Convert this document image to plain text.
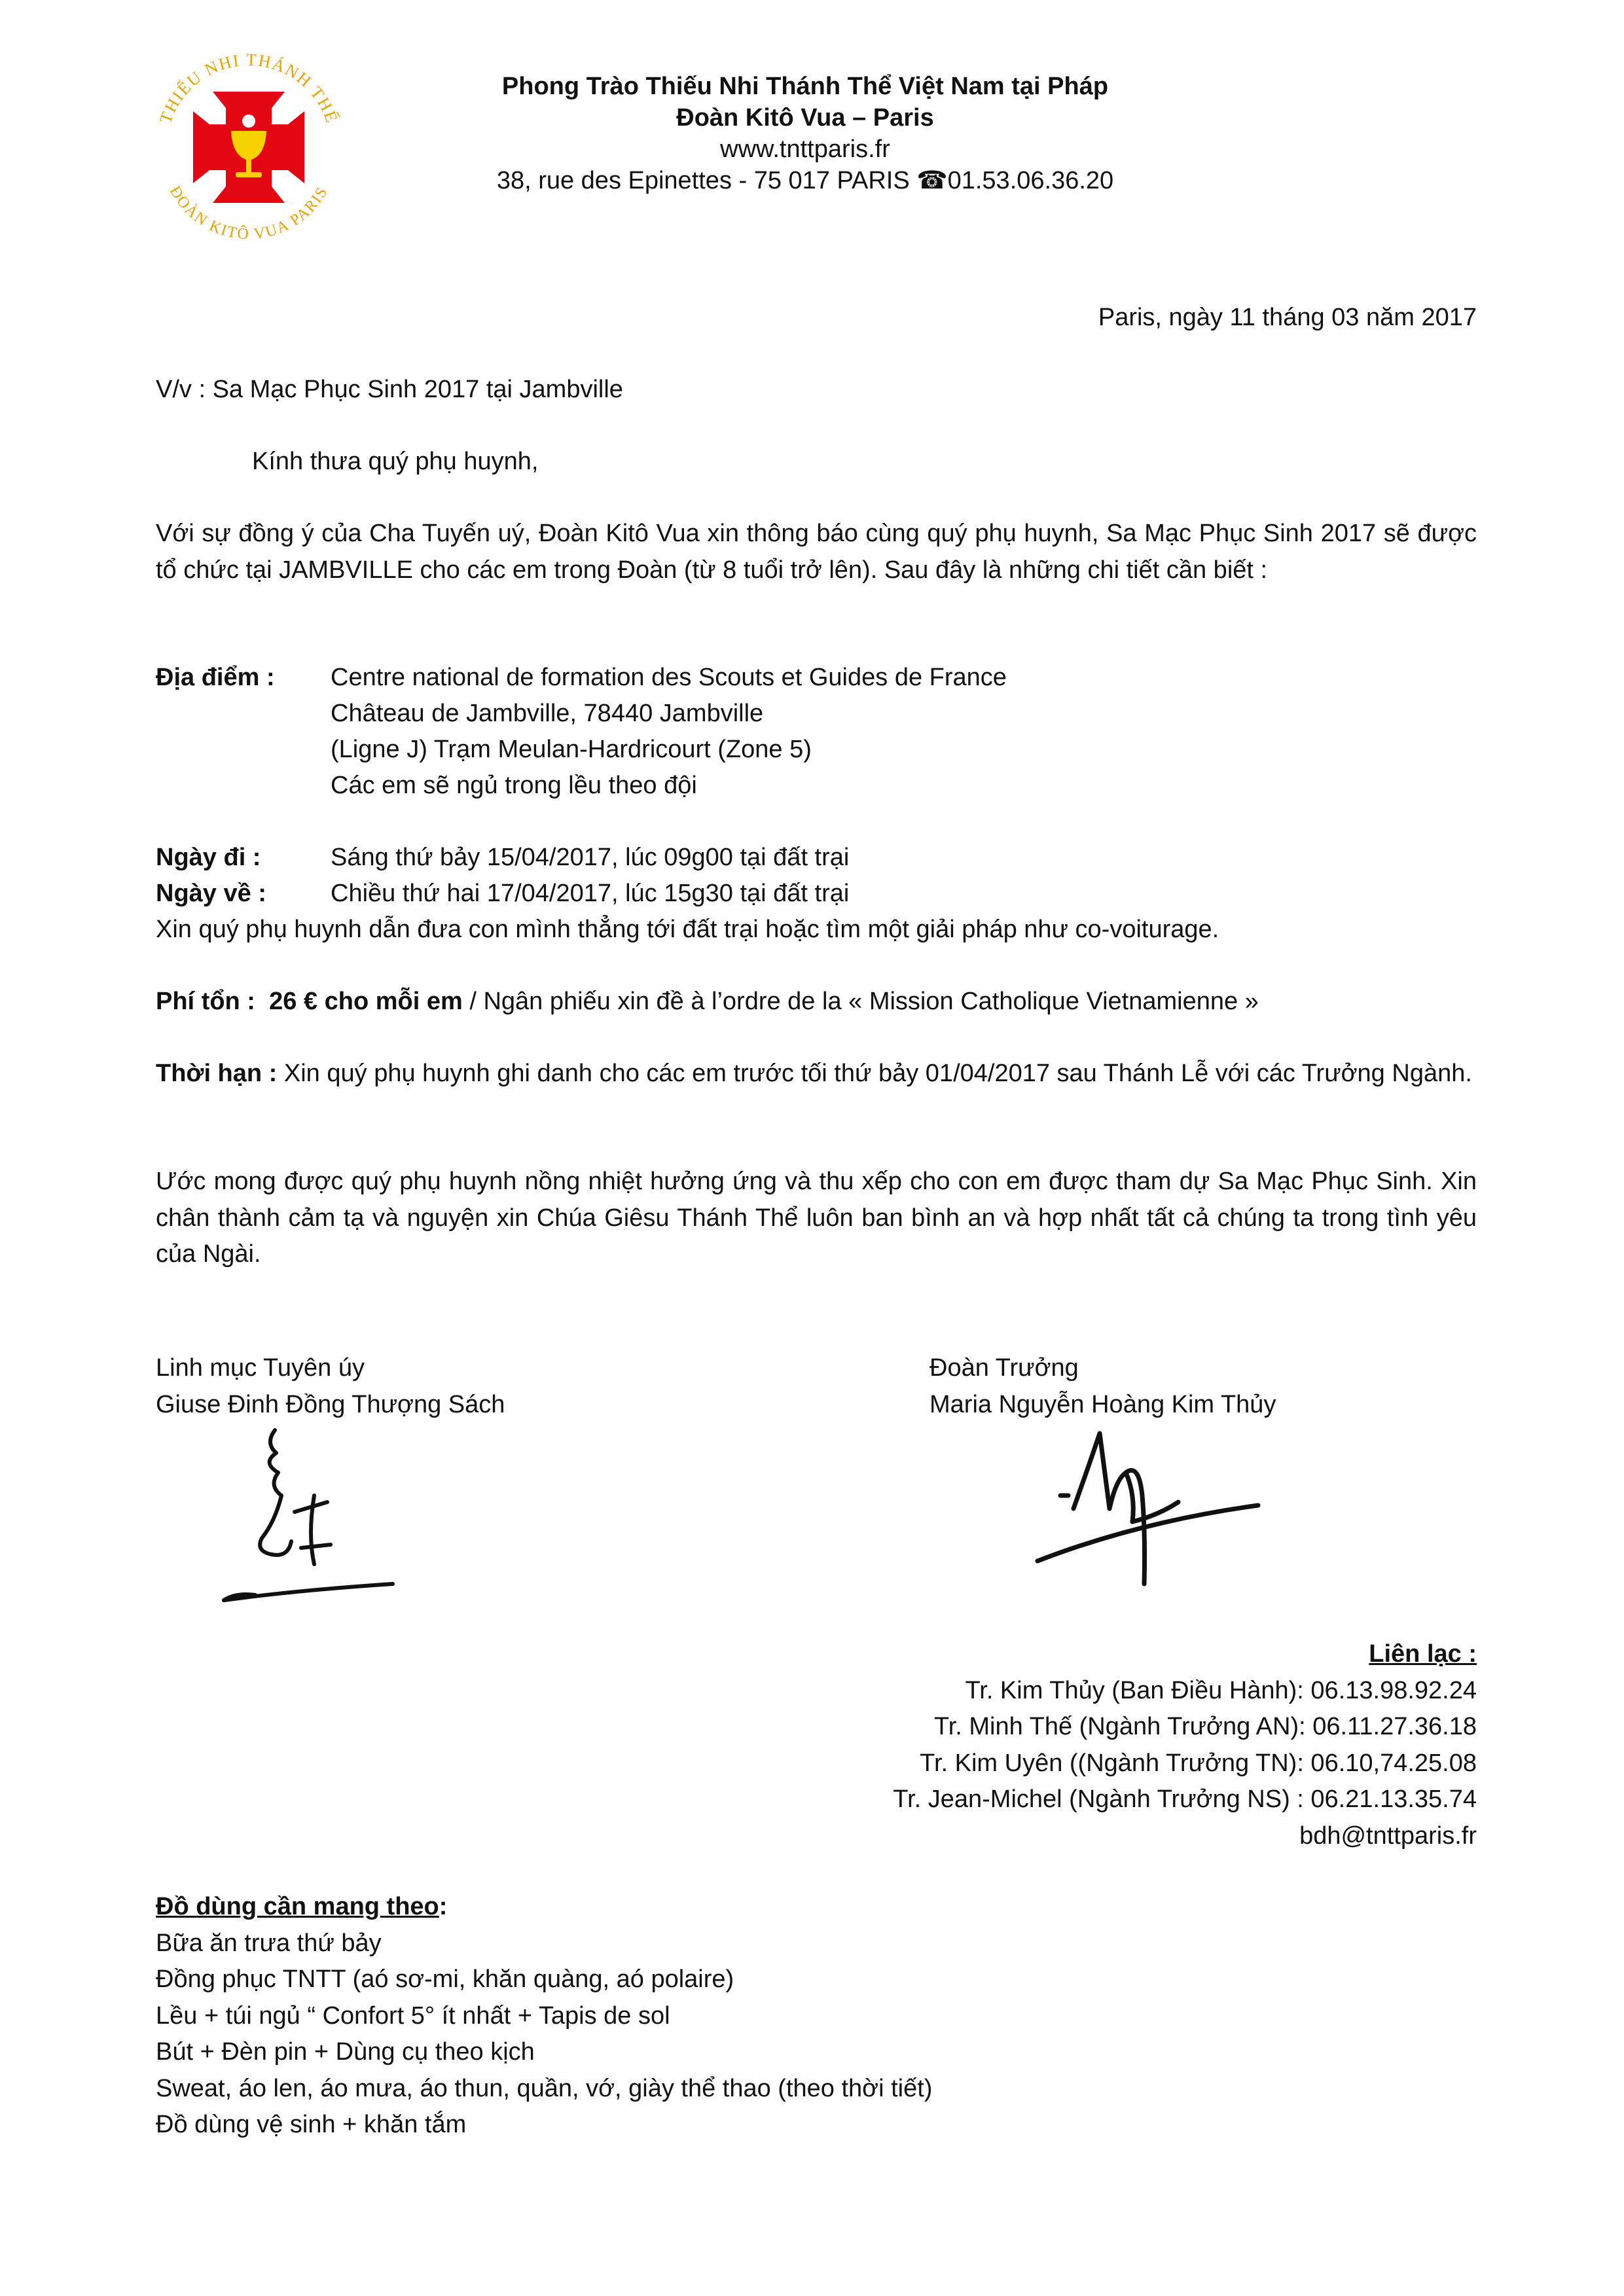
THIẾU NHI THÁNH THỂ
ĐOÀN KITÔ VUA PARIS
Phong Trào Thiếu Nhi Thánh Thể Việt Nam tại Pháp
Đoàn Kitô Vua – Paris
www.tnttparis.fr
38, rue des Epinettes - 75 017 PARIS ☎01.53.06.36.20
Paris, ngày 11 tháng 03 năm 2017
V/v : Sa Mạc Phục Sinh 2017 tại Jambville
Kính thưa quý phụ huynh,
Với sự đồng ý của Cha Tuyến uý, Đoàn Kitô Vua xin thông báo cùng quý phụ huynh, Sa Mạc Phục Sinh 2017 sẽ được tổ chức tại JAMBVILLE cho các em trong Đoàn (từ 8 tuổi trở lên). Sau đây là những chi tiết cần biết :
Địa điểm : Centre national de formation des Scouts et Guides de France
Château de Jambville, 78440 Jambville
(Ligne J) Trạm Meulan-Hardricourt (Zone 5)
Các em sẽ ngủ trong lều theo đội
Ngày đi :	Sáng thứ bảy 15/04/2017, lúc 09g00 tại đất trại
Ngày về :	Chiều thứ hai 17/04/2017, lúc 15g30 tại đất trại
Xin quý phụ huynh dẫn đưa con mình thẳng tới đất trại hoặc tìm một giải pháp như co-voiturage.
Phí tổn : 26 € cho mỗi em / Ngân phiếu xin đề à l’ordre de la « Mission Catholique Vietnamienne »
Thời hạn : Xin quý phụ huynh ghi danh cho các em trước tối thứ bảy 01/04/2017 sau Thánh Lễ với các Trưởng Ngành.
Ước mong được quý phụ huynh nồng nhiệt hưởng ứng và thu xếp cho con em được tham dự Sa Mạc Phục Sinh. Xin chân thành cảm tạ và nguyện xin Chúa Giêsu Thánh Thể luôn ban bình an và hợp nhất tất cả chúng ta trong tình yêu của Ngài.
Linh mục Tuyên úy
Giuse Đinh Đồng Thượng Sách
Đoàn Trưởng
Maria Nguyễn Hoàng Kim Thủy
Liên lạc :
Tr. Kim Thủy (Ban Điều Hành): 06.13.98.92.24
Tr. Minh Thế (Ngành Trưởng AN): 06.11.27.36.18
Tr. Kim Uyên ((Ngành Trưởng TN): 06.10,74.25.08
Tr. Jean-Michel (Ngành Trưởng NS) : 06.21.13.35.74
bdh@tnttparis.fr
Đồ dùng cần mang theo:
Bữa ăn trưa thứ bảy
Đồng phục TNTT (aó sơ-mi, khăn quàng, aó polaire)
Lều + túi ngủ “ Confort 5° ít nhất + Tapis de sol
Bút + Đèn pin + Dùng cụ theo kịch
Sweat, áo len, áo mưa, áo thun, quần, vớ, giày thể thao (theo thời tiết)
Đồ dùng vệ sinh + khăn tắm
